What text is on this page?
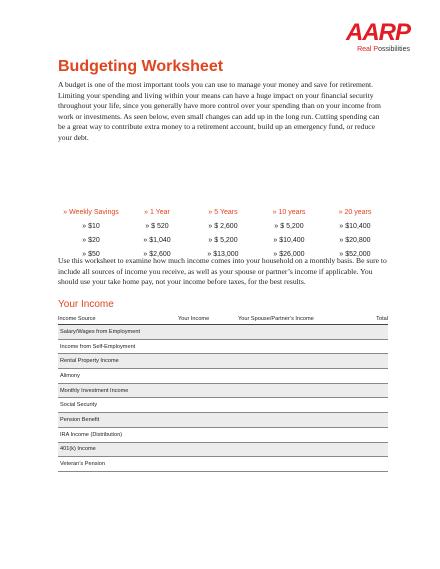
AARP
Real Possibilities
Budgeting Worksheet
A budget is one of the most important tools you can use to manage your money and save for retirement. Limiting your spending and living within your means can have a huge impact on your financial security throughout your life, since you generally have more control over your spending than on your income from work or investments. As seen below, even small changes can add up in the long run. Cutting spending can be a great way to contribute extra money to a retirement account, build up an emergency fund, or reduce your debt.
» Weekly Savings	» 1 Year	» 5 Years	» 10 years	» 20 years
» $10	» $ 520	» $ 2,600	» $ 5,200	» $10,400
» $20	» $1,040	» $ 5,200	» $10,400	» $20,800
» $50	» $2,600	» $13,000	» $26,000	» $52,000
Use this worksheet to examine how much income comes into your household on a monthly basis. Be sure to include all sources of income you receive, as well as your spouse or partner’s income if applicable. You should use your take home pay, not your income before taxes, for the best results.
Your Income
Income Source	Your Income	Your Spouse/Partner’s Income	Total
Salary/Wages from Employment
Income from Self-Employment
Rental Property Income
Alimony
Monthly Investment Income
Social Security
Pension Benefit
IRA Income (Distribution)
401(k) Income
Veteran’s Pension
